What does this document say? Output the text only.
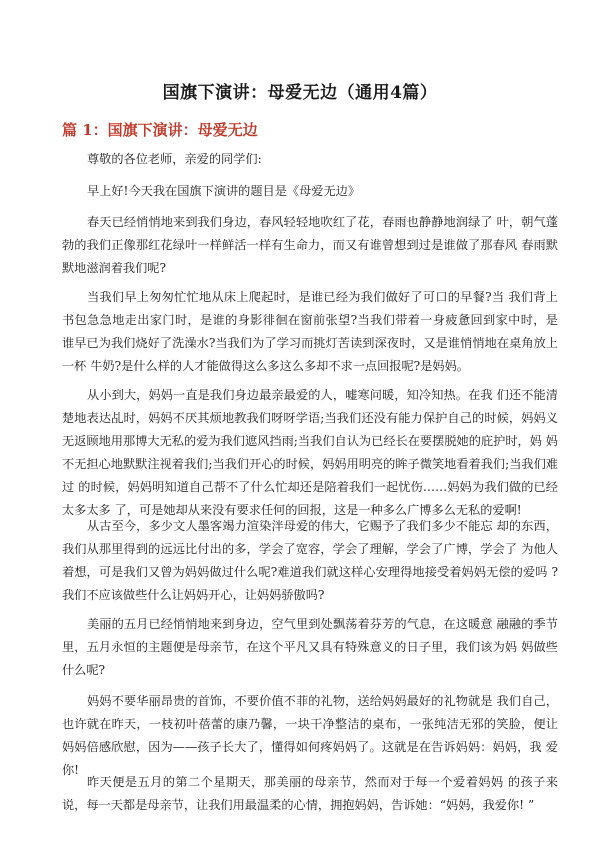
国旗下演讲：母爱无边（通用4篇）
篇 1：国旗下演讲：母爱无边

尊敬的各位老师，亲爱的同学们:

早上好!今天我在国旗下演讲的题目是《母爱无边》

春天已经悄悄地来到我们身边，春风轻轻地吹红了花，春雨也静静地润绿了 叶，朝气蓬勃的我们正像那红花绿叶一样鲜活一样有生命力，而又有谁曾想到过是谁做了那春风 春雨默默地滋润着我们呢?

当我们早上匆匆忙忙地从床上爬起时，是谁已经为我们做好了可口的早餐?当 我们背上书包急急地走出家门时，是谁的身影徘徊在窗前张望?当我们带着一身疲惫回到家中时，是 谁早已为我们烧好了洗澡水?当我们为了学习而挑灯苦读到深夜时，又是谁悄悄地在桌角放上一杯 牛奶?是什么样的人才能做得这么多这么多却不求一点回报呢?是妈妈。

从小到大，妈妈一直是我们身边最亲最爱的人，嘘寒问暖，知冷知热。在我 们还不能清楚地表达乩时，妈妈不厌其烦地教我们呀呀学语;当我们还没有能力保护自己的时候，妈妈义无返顾地用那博大无私的爱为我们遮风挡雨;当我们自认为已经长在要摆脱她的庇护时，妈 妈不无担心地默默注视着我们;当我们开心的时候，妈妈用明亮的眸子微笑地看着我们;当我们难过 的时候，妈妈明知道自己帮不了什么忙却还是陪着我们一起忧伤……妈妈为我们做的已经太多太多 了，可是她却从来没有要求任何的回报，这是一种多么广博多么无私的爱啊!

从古至今，多少文人墨客竭力渲染泮母爱的伟大，它赐予了我们多少不能忘 却的东西，我们从那里得到的远远比付出的多，学会了宽容，学会了理解，学会了广博，学会了 为他人着想，可是我们又曾为妈妈做过什么呢?难道我们就这样心安理得地接受着妈妈无偿的爱吗 ?我们不应该做些什么让妈妈开心，让妈妈骄傲吗?

美丽的五月已经悄悄地来到身边，空气里到处飘荡着芬芳的气息，在这暖意 融融的季节里，五月永恒的主题便是母亲节，在这个平凡又具有特殊意义的日子里，我们该为妈 妈做些什么呢?

妈妈不要华丽昂贵的首饰，不要价值不菲的礼物，送给妈妈最好的礼物就是 我们自己，也许就在昨天，一枝初叶蓓蕾的康乃馨，一块干净整洁的桌布，一张纯洁无邪的笑脸，便让妈妈倍感欣慰，因为——孩子长大了，懂得如何疼妈妈了。这就是在告诉妈妈：妈妈，我 爱你!

昨天便是五月的第二个星期天，那美丽的母亲节，然而对于每一个爱着妈妈 的孩子来说，每一天都是母亲节，让我们用最温柔的心情，拥抱妈妈，告诉她：“妈妈，我爱你! ”
